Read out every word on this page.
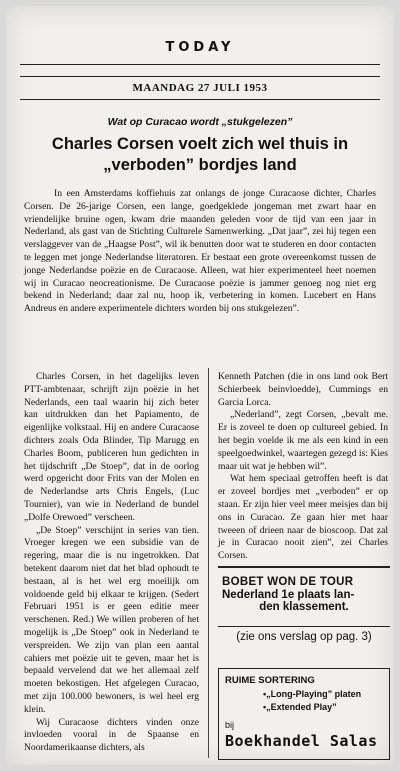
TODAY
MAANDAG 27 JULI 1953
Wat op Curacao wordt „stukgelezen”
Charles Corsen voelt zich wel thuis in
„verboden” bordjes land
In een Amsterdams koffiehuis zat onlangs de jonge Curacaose dichter, Charles Corsen. De 26-jarige Corsen, een lange, goedgeklede jongeman met zwart haar en vriendelijke bruine ogen, kwam drie maanden geleden voor de tijd van een jaar in Nederland, als gast van de Stichting Culturele Samenwerking. „Dat jaar”, zei hij tegen een verslaggever van de „Haagse Post”, wil ik benutten door wat te studeren en door contacten te leggen met jonge Nederlandse literatoren. Er bestaat een grote overeenkomst tussen de jonge Nederlandse poëzie en de Curacaose. Alleen, wat hier experimenteel heet noemen wij in Curacao neocreationisme. De Curacaose poëzie is jammer genoeg nog niet erg bekend in Nederland; daar zal nu, hoop ik, verbetering in komen. Lucebert en Hans Andreus en andere experimentele dichters worden bij ons stukgelezen”.

Charles Corsen, in het dagelijks leven PTT-ambtenaar, schrijft zijn poëzie in het Nederlands, een taal waarin hij zich beter kan uitdrukken dan het Papiamento, de eigenlijke volkstaal. Hij en andere Curacaose dichters zoals Oda Blinder, Tip Marugg en Charles Boom, publiceren hun gedichten in het tijdschrift „De Stoep”, dat in de oorlog werd opgericht door Frits van der Molen en de Nederlandse arts Chris Engels, (Luc Tournier), van wie in Nederland de bundel „Dolfe Orewoed” verscheen.

„De Stoep” verschijnt in series van tien. Vroeger kregen we een subsidie van de regering, maar die is nu ingetrokken. Dat betekent daarom niet dat het blad ophoudt te bestaan, al is het wel erg moeilijk om voldoende geld bij elkaar te krijgen. (Sedert Februari 1951 is er geen editie meer verschenen. Red.) We willen proberen of het mogelijk is „De Stoep” ook in Nederland te verspreiden. We zijn van plan een aantal cahiers met poëzie uit te geven, maar het is bepaald vervelend dat we het allemaal zelf moeten bekostigen. Het afgelegen Curacao, met zijn 100.000 bewoners, is wel heel erg klein.

Wij Curacaose dichters vinden onze invloeden vooral in de Spaanse en Noordamerikaanse dichters, als

Kenneth Patchen (die in ons land ook Bert Schierbeek beinvloedde), Cummings en Garcia Lorca.

„Nederland”, zegt Corsen, „bevalt me. Er is zoveel te doen op cultureel gebied. In het begin voelde ik me als een kind in een speelgoedwinkel, waartegen gezegd is: Kies maar uit wat je hebben wil”.

Wat hem speciaal getroffen heeft is dat er zoveel bordjes met „verboden” er op staan. Er zijn hier veel meer meisjes dan bij ons in Curacao. Ze gaan hier met haar tweeen of drieen naar de bioscoop. Dat zal je in Curacao nooit zien”, zei Charles Corsen.

BOBET WON DE TOUR
Nederland 1e plaats lan-
den klassement.
(zie ons verslag op pag. 3)
RUIME SORTERING
• „Long-Playing” platen
• „Extended Play”
bij
Boekhandel Salas
